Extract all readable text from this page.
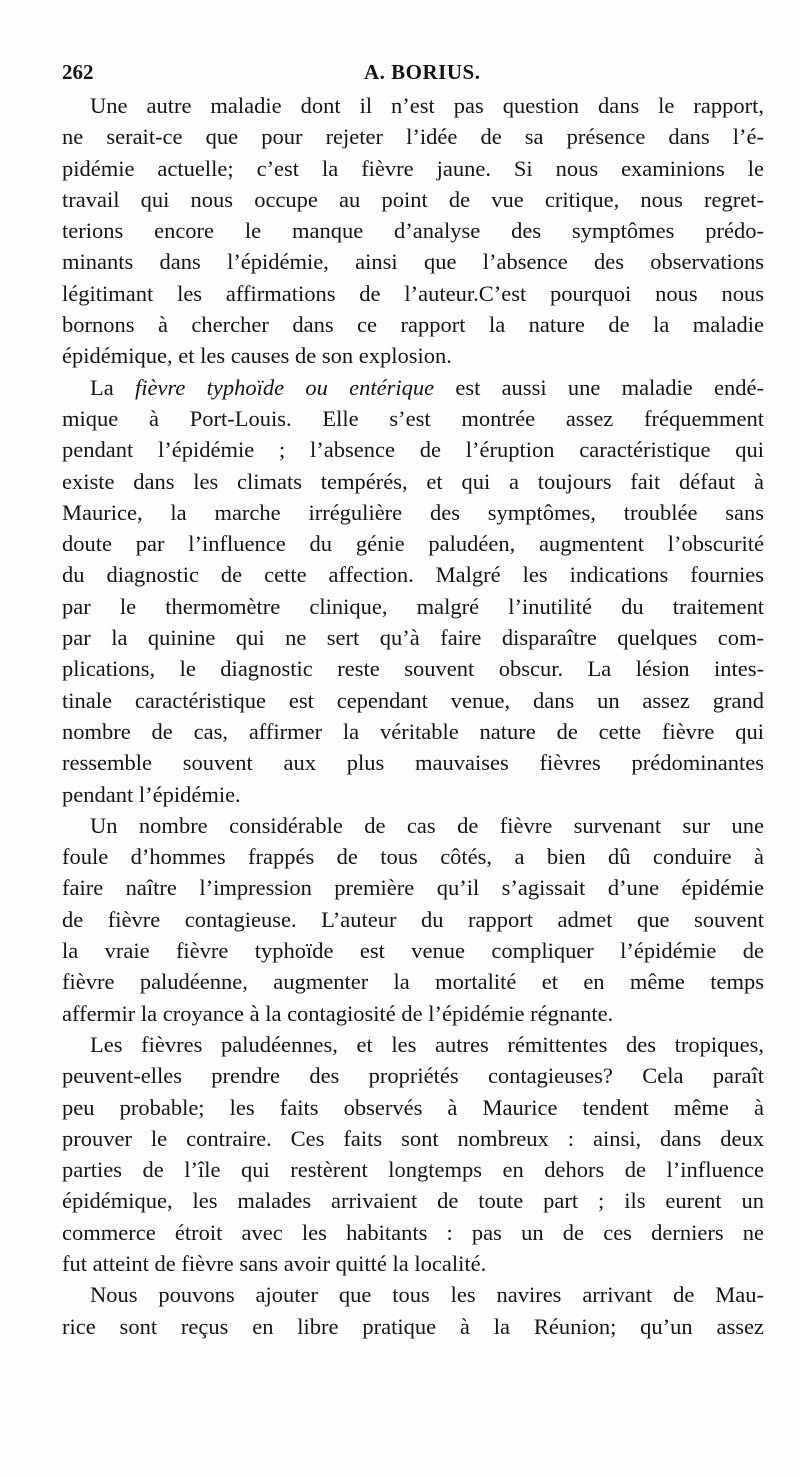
262	A. BORIUS.
Une autre maladie dont il n’est pas question dans le rapport,
ne serait-ce que pour rejeter l’idée de sa présence dans l’é-
pidémie actuelle; c’est la fièvre jaune. Si nous examinions le
travail qui nous occupe au point de vue critique, nous regret-
terions encore le manque d’analyse des symptômes prédo-
minants dans l’épidémie, ainsi que l’absence des observations
légitimant les affirmations de l’auteur.C’est pourquoi nous nous
bornons à chercher dans ce rapport la nature de la maladie
épidémique, et les causes de son explosion.
La fièvre typhoïde ou entérique est aussi une maladie endé-
mique à Port-Louis. Elle s’est montrée assez fréquemment
pendant l’épidémie ; l’absence de l’éruption caractéristique qui
existe dans les climats tempérés, et qui a toujours fait défaut à
Maurice, la marche irrégulière des symptômes, troublée sans
doute par l’influence du génie paludéen, augmentent l’obscurité
du diagnostic de cette affection. Malgré les indications fournies
par le thermomètre clinique, malgré l’inutilité du traitement
par la quinine qui ne sert qu’à faire disparaître quelques com-
plications, le diagnostic reste souvent obscur. La lésion intes-
tinale caractéristique est cependant venue, dans un assez grand
nombre de cas, affirmer la véritable nature de cette fièvre qui
ressemble souvent aux plus mauvaises fièvres prédominantes
pendant l’épidémie.
Un nombre considérable de cas de fièvre survenant sur une
foule d’hommes frappés de tous côtés, a bien dû conduire à
faire naître l’impression première qu’il s’agissait d’une épidémie
de fièvre contagieuse. L’auteur du rapport admet que souvent
la vraie fièvre typhoïde est venue compliquer l’épidémie de
fièvre paludéenne, augmenter la mortalité et en même temps
affermir la croyance à la contagiosité de l’épidémie régnante.
Les fièvres paludéennes, et les autres rémittentes des tropiques,
peuvent-elles prendre des propriétés contagieuses? Cela paraît
peu probable; les faits observés à Maurice tendent même à
prouver le contraire. Ces faits sont nombreux : ainsi, dans deux
parties de l’île qui restèrent longtemps en dehors de l’influence
épidémique, les malades arrivaient de toute part ; ils eurent un
commerce étroit avec les habitants : pas un de ces derniers ne
fut atteint de fièvre sans avoir quitté la localité.
Nous pouvons ajouter que tous les navires arrivant de Mau-
rice sont reçus en libre pratique à la Réunion; qu’un assez
